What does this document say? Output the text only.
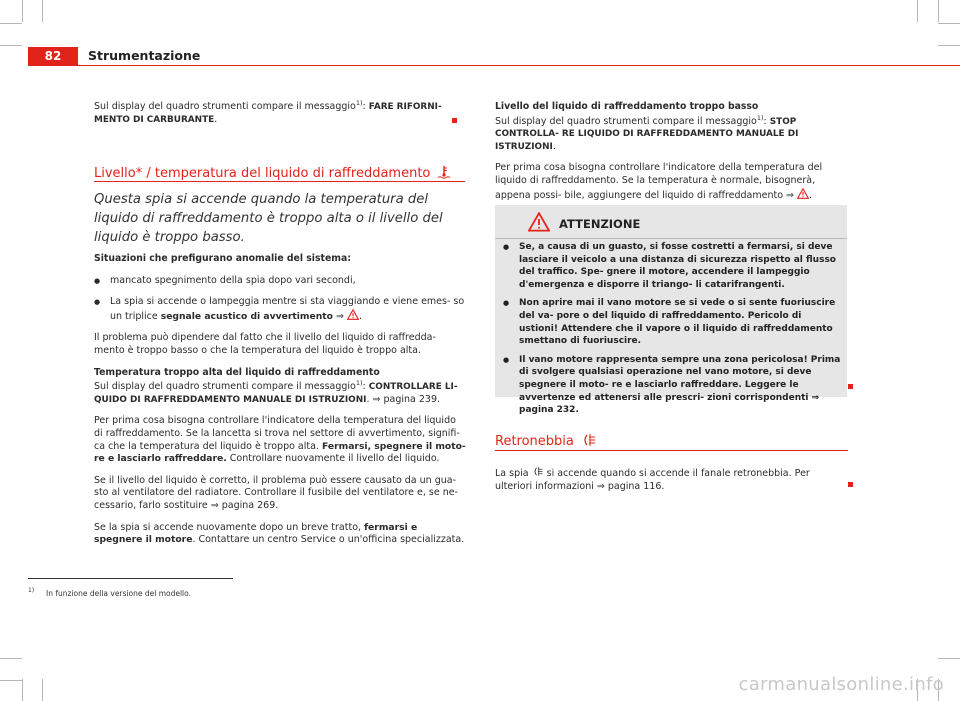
82	Strumentazione
Sul display del quadro strumenti compare il messaggio$^{1)}$: FARE RIFORNI-
MENTO DI CARBURANTE.
Livello* / temperatura del liquido di raffreddamento
Questa spia si accende quando la temperatura del liquido di raffreddamento è troppo alta o il livello del liquido è troppo basso.

Situazioni che prefigurano anomalie del sistema:

● mancato spegnimento della spia dopo vari secondi,

● La spia si accende o lampeggia mentre si sta viaggiando e viene emes- so un triplice segnale acustico di avvertimento ⇒ .

Il problema può dipendere dal fatto che il livello del liquido di raffredda- mento è troppo basso o che la temperatura del liquido è troppo alta.

Temperatura troppo alta del liquido di raffreddamento

Sul display del quadro strumenti compare il messaggio$^{1)}$: CONTROLLARE LI- QUIDO DI RAFFREDDAMENTO MANUALE DI ISTRUZIONI. ⇒ pagina 239.

Per prima cosa bisogna controllare l'indicatore della temperatura del liquido di raffreddamento. Se la lancetta si trova nel settore di avvertimento, signifi- ca che la temperatura del liquido è troppo alta. Fermarsi, spegnere il moto- re e lasciarlo raffreddare. Controllare nuovamente il livello del liquido.

Se il livello del liquido è corretto, il problema può essere causato da un gua- sto al ventilatore del radiatore. Controllare il fusibile del ventilatore e, se ne- cessario, farlo sostituire ⇒ pagina 269.

Se la spia si accende nuovamente dopo un breve tratto, fermarsi e spegnere il motore. Contattare un centro Service o un'officina specializzata.

Livello del liquido di raffreddamento troppo basso

Sul display del quadro strumenti compare il messaggio$^{1)}$: STOP CONTROLLA- RE LIQUIDO DI RAFFREDDAMENTO MANUALE DI ISTRUZIONI.

Per prima cosa bisogna controllare l'indicatore della temperatura del liquido di raffreddamento. Se la temperatura è normale, bisognerà, appena possi- bile, aggiungere del liquido di raffreddamento ⇒ .

ATTENZIONE

● Se, a causa di un guasto, si fosse costretti a fermarsi, si deve lasciare il veicolo a una distanza di sicurezza rispetto al flusso del traffico. Spe- gnere il motore, accendere il lampeggio d'emergenza e disporre il triango- li catarifrangenti.

● Non aprire mai il vano motore se si vede o si sente fuoriuscire del va- pore o del liquido di raffreddamento. Pericolo di ustioni! Attendere che il vapore o il liquido di raffreddamento smettano di fuoriuscire.

● Il vano motore rappresenta sempre una zona pericolosa! Prima di svolgere qualsiasi operazione nel vano motore, si deve spegnere il moto- re e lasciarlo raffreddare. Leggere le avvertenze ed attenersi alle prescri- zioni corrispondenti ⇒ pagina 232.

Retronebbia
La spia  si accende quando si accende il fanale retronebbia. Per ulteriori informazioni ⇒ pagina 116.
1) In funzione della versione del modello.
carmanualsonline.info
